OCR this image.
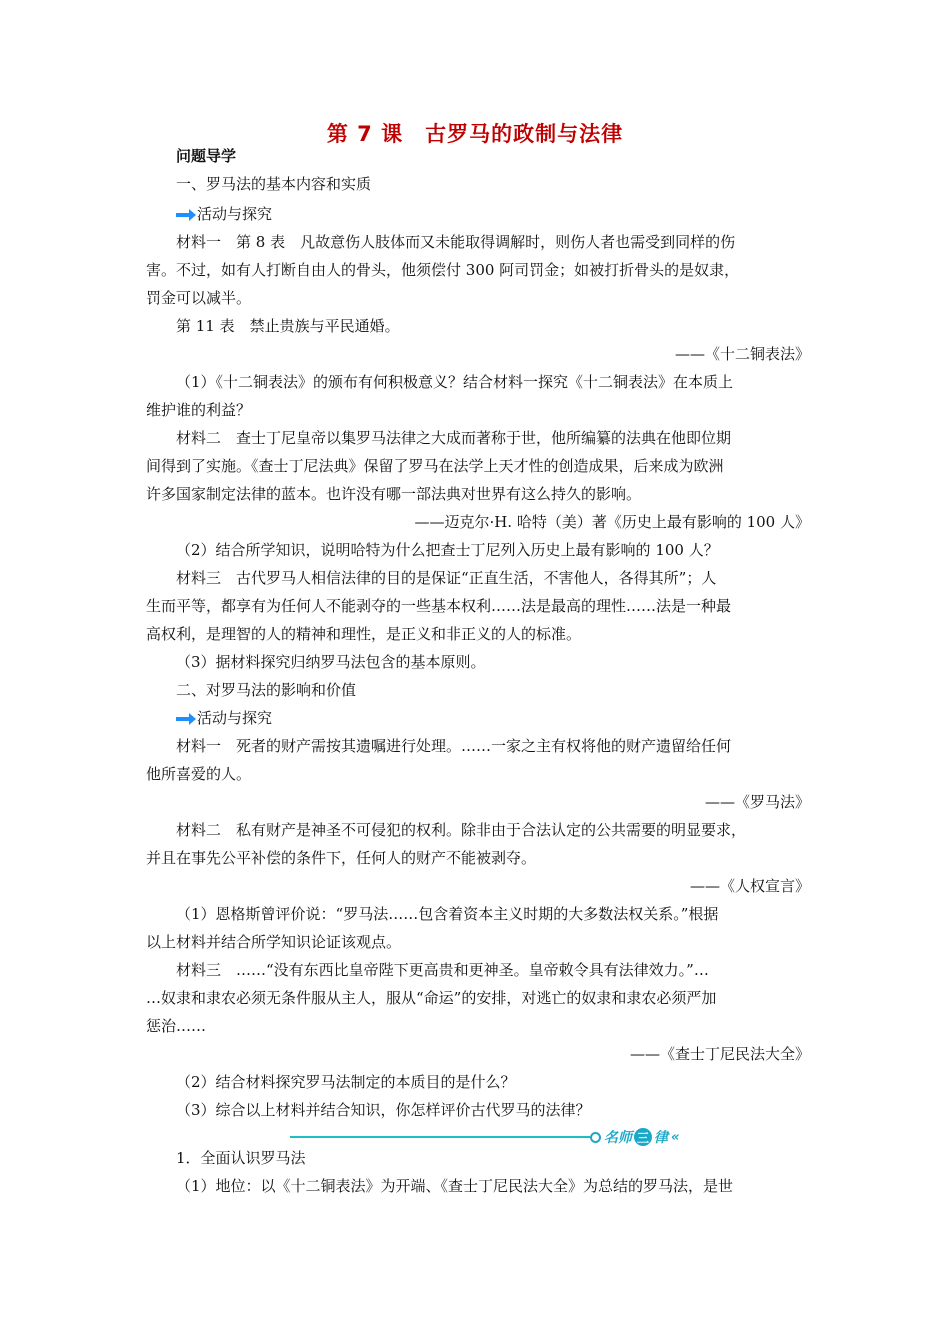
第 7 课　古罗马的政制与法律
问题导学
一、罗马法的基本内容和实质
活动与探究
材料一　第 8 表　凡故意伤人肢体而又未能取得调解时，则伤人者也需受到同样的伤
害。不过，如有人打断自由人的骨头，他须偿付 300 阿司罚金；如被打折骨头的是奴隶，
罚金可以减半。
第 11 表　禁止贵族与平民通婚。
——《十二铜表法》
（1）《十二铜表法》的颁布有何积极意义？结合材料一探究《十二铜表法》在本质上
维护谁的利益？
材料二　查士丁尼皇帝以集罗马法律之大成而著称于世，他所编纂的法典在他即位期
间得到了实施。《查士丁尼法典》保留了罗马在法学上天才性的创造成果，后来成为欧洲
许多国家制定法律的蓝本。也许没有哪一部法典对世界有这么持久的影响。
——迈克尔·H. 哈特（美）著《历史上最有影响的 100 人》
（2）结合所学知识，说明哈特为什么把查士丁尼列入历史上最有影响的 100 人？
材料三　古代罗马人相信法律的目的是保证“正直生活，不害他人，各得其所”；人
生而平等，都享有为任何人不能剥夺的一些基本权利……法是最高的理性……法是一种最
高权利，是理智的人的精神和理性，是正义和非正义的人的标准。
（3）据材料探究归纳罗马法包含的基本原则。
二、对罗马法的影响和价值
活动与探究
材料一　死者的财产需按其遗嘱进行处理。……一家之主有权将他的财产遗留给任何
他所喜爱的人。
——《罗马法》
材料二　私有财产是神圣不可侵犯的权利。除非由于合法认定的公共需要的明显要求，
并且在事先公平补偿的条件下，任何人的财产不能被剥夺。
——《人权宣言》
（1）恩格斯曾评价说：“罗马法……包含着资本主义时期的大多数法权关系。”根据
以上材料并结合所学知识论证该观点。
材料三　……“没有东西比皇帝陛下更高贵和更神圣。皇帝敕令具有法律效力。”…
…奴隶和隶农必须无条件服从主人，服从“命运”的安排，对逃亡的奴隶和隶农必须严加
惩治……
——《查士丁尼民法大全》
（2）结合材料探究罗马法制定的本质目的是什么？
（3）综合以上材料并结合知识，你怎样评价古代罗马的法律？
名师 三 律 «
1．全面认识罗马法
（1）地位：以《十二铜表法》为开端、《查士丁尼民法大全》为总结的罗马法，是世
